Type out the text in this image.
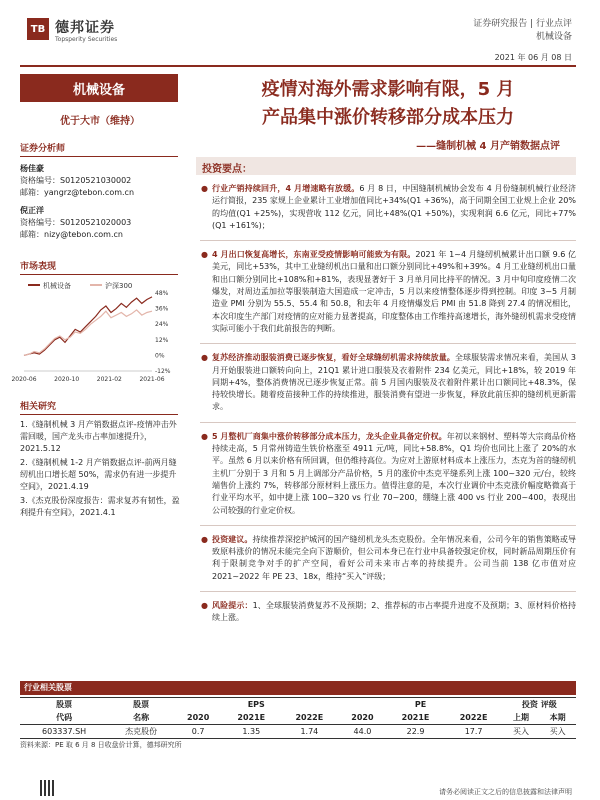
TB 德邦证券
Topsperity Securities
证券研究报告 | 行业点评
机械设备
2021 年 06 月 08 日
机械设备
优于大市（维持）
证券分析师
杨佳豪
资格编号：S0120521030002
邮箱：yangrz@tebon.com.cn
倪正洋
资格编号：S0120521020003
邮箱：nizy@tebon.com.cn
市场表现
机械设备	沪深300
48%
36%
24%
12%
0%
-12%
2020-06	2020-10	2021-02	2021-06
相关研究
1.《缝制机械 3 月产销数据点评-疫情冲击外需回暖，国产龙头市占率加速提升》，2021.5.12
2.《缝制机械 1-2 月产销数据点评-前两月缝纫机出口增长超 50%，需求仍有进一步提升空间》，2021.4.19
3.《杰克股份深度报告：需求复苏有韧性，盈利提升有空间》，2021.4.1
疫情对海外需求影响有限，5 月
产品集中涨价转移部分成本压力
——缝制机械 4 月产销数据点评
投资要点：
● 行业产销持续回升，4 月增速略有放缓。6 月 8 日，中国缝制机械协会发布 4 月份缝制机械行业经济运行简报，235 家规上企业累计工业增加值同比+34%(Q1 +36%)，高于同期全国工业规上企业 20%的均值(Q1 +25%)，实现营收 112 亿元，同比+48%(Q1 +50%)，实现利润 6.6 亿元，同比+77%(Q1 +161%)；
● 4 月出口恢复高增长，东南亚受疫情影响可能致为有限。2021 年 1~4 月缝纫机械累计出口额 9.6 亿美元，同比+53%，其中工业缝纫机出口量和出口额分别同比+49%和+39%。4 月工业缝纫机出口量和出口额分别同比+108%和+81%，表现显著好于 3 月单月同比持平的情况。3 月中旬印度疫情二次爆发，对周边孟加拉等服装制造大国造成一定冲击，5 月以来疫情整体逐步得到控制。印度 3~5 月制造业 PMI 分别为 55.5、55.4 和 50.8，和去年 4 月疫情爆发后 PMI 由 51.8 降到 27.4 的情况相比，本次印度生产部门对疫情的应对能力显著提高，印度整体由工作维持高速增长，海外缝纫机需求受疫情实际可能小于我们此前报告的判断。
● 复苏经济推动服装消费已逐步恢复，看好全球缝纫机需求持续放量。全球服装需求情况来看，美国从 3 月开始服装进口额转向向上，21Q1 累计进口服装及衣着附件 234 亿美元，同比+18%，较 2019 年同期+4%，整体消费情况已逐步恢复正常。前 5 月国内服装及衣着附件累计出口额同比+48.3%，保持较快增长。随着疫苗接种工作的持续推进，服装消费有望进一步恢复，释放此前压抑的缝纫机更新需求。
● 5 月整机厂商集中涨价转移部分成本压力，龙头企业具备定价权。年初以来钢材、塑料等大宗商品价格持续走高，5 月常州铸造生铁价格涨至 4911 元/吨，同比+58.8%，Q1 均价也同比上涨了 20%的水平。虽然 6 月以来价格有所回调，但仍维持高位。为应对上游原材料成本上涨压力，杰克为首的缝纫机主机厂分别于 3 月和 5 月上调部分产品价格，5 月的涨价中杰克平缝系列上涨 100~320 元/台，较终端售价上涨约 7%，转移部分原材料上涨压力。值得注意的是，本次行业调价中杰克涨价幅度略微高于行业平均水平，如中捷上涨 100~320 vs 行业 70~200，绷缝上涨 400 vs 行业 200~400，表现出公司较强的行业定价权。
● 投资建议。持续推荐深挖护城河的国产缝纫机龙头杰克股份。全年情况来看，公司今年的销售策略或导致原料涨价的情况未能完全向下游顺价，但公司本身已在行业中具备较强定价权，同时新品周期压价有利于限制竞争对手的扩产空间，看好公司未来市占率的持续提升。公司当前 138 亿市值对应 2021~2022 年 PE 23、18x，维持“买入”评级；
● 风险提示：1、全球服装消费复苏不及预期；2、推荐标的市占率提升进度不及预期；3、原材料价格持续上涨。
行业相关股票
股票	股票	EPS			PE			投资 评级	
代码	名称	2020	2021E	2022E	2020	2021E	2022E	上期	本期
603337.SH	杰克股份	0.7	1.35	1.74	44.0	22.9	17.7	买入	买入
资料来源：PE 取 6 月 8 日收盘价计算，德邦研究所
请务必阅读正文之后的信息披露和法律声明
